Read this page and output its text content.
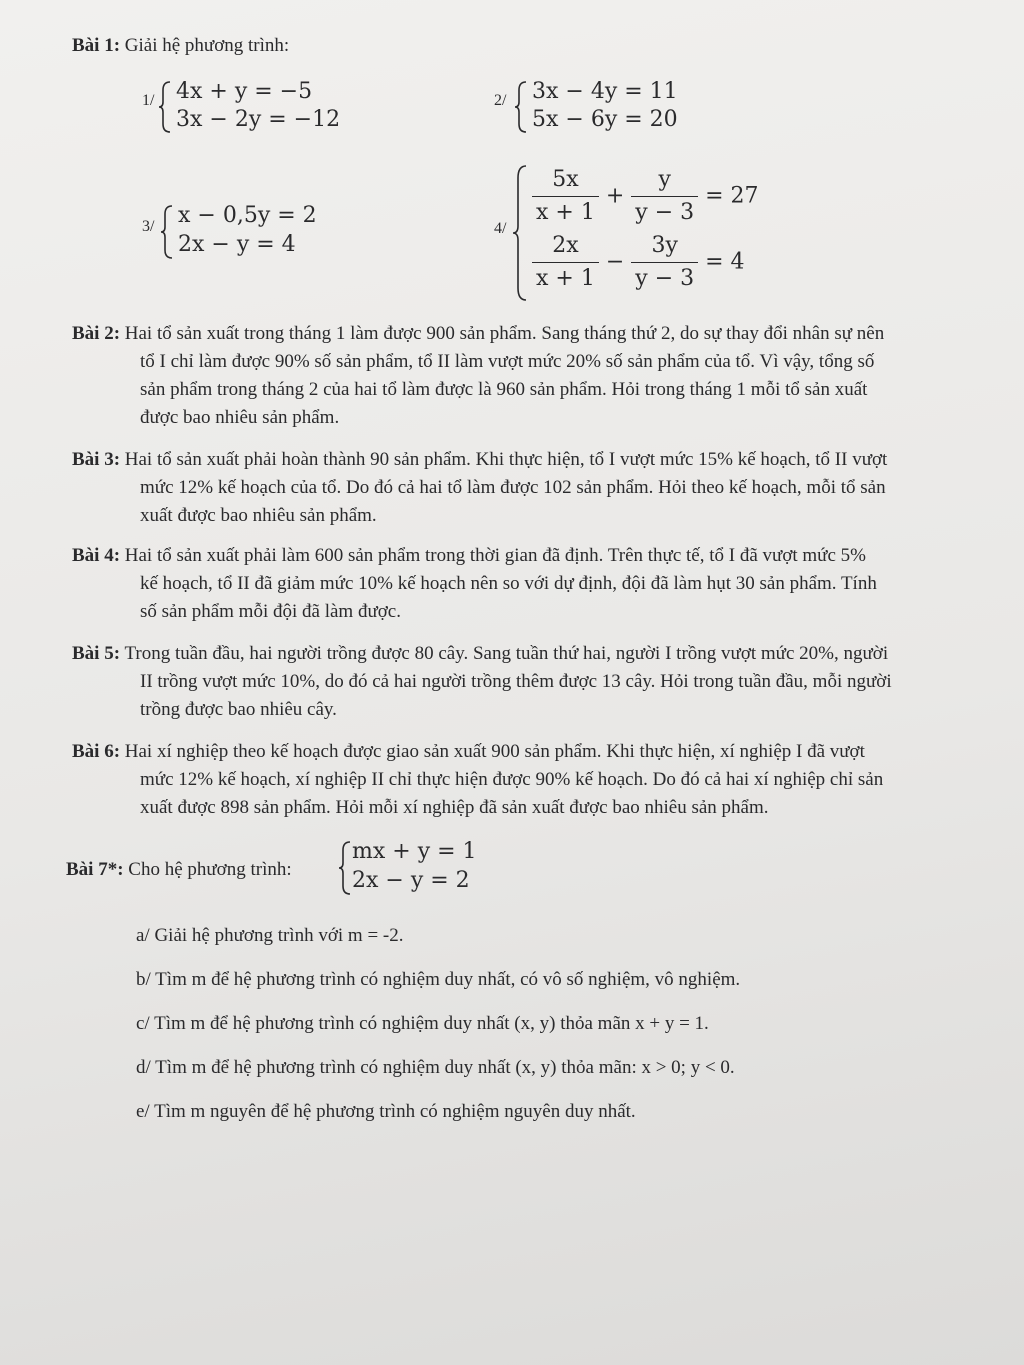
Bài 1: Giải hệ phương trình:
1/ 4x + y = −5
3x − 2y = −12
2/ 3x − 4y = 11
5x − 6y = 20
3/ x − 0,5y = 2
2x − y = 4
4/
$\frac{5x}{x + 1} + \frac{y}{y - 3} = 27$
$\frac{2x}{x + 1} - \frac{3y}{y - 3} = 4$
Bài 2: Hai tổ sản xuất trong tháng 1 làm được 900 sản phẩm. Sang tháng thứ 2, do sự thay đổi nhân sự nên
tổ I chỉ làm được 90% số sản phẩm, tổ II làm vượt mức 20% số sản phẩm của tổ. Vì vậy, tổng số
sản phẩm trong tháng 2 của hai tổ làm được là 960 sản phẩm. Hỏi trong tháng 1 mỗi tổ sản xuất
được bao nhiêu sản phẩm.
Bài 3: Hai tổ sản xuất phải hoàn thành 90 sản phẩm. Khi thực hiện, tổ I vượt mức 15% kế hoạch, tổ II vượt
mức 12% kế hoạch của tổ. Do đó cả hai tổ làm được 102 sản phẩm. Hỏi theo kế hoạch, mỗi tổ sản
xuất được bao nhiêu sản phẩm.
Bài 4: Hai tổ sản xuất phải làm 600 sản phẩm trong thời gian đã định. Trên thực tế, tổ I đã vượt mức 5%
kế hoạch, tổ II đã giảm mức 10% kế hoạch nên so với dự định, đội đã làm hụt 30 sản phẩm. Tính
số sản phẩm mỗi đội đã làm được.
Bài 5: Trong tuần đầu, hai người trồng được 80 cây. Sang tuần thứ hai, người I trồng vượt mức 20%, người
II trồng vượt mức 10%, do đó cả hai người trồng thêm được 13 cây. Hỏi trong tuần đầu, mỗi người
trồng được bao nhiêu cây.
Bài 6: Hai xí nghiệp theo kế hoạch được giao sản xuất 900 sản phẩm. Khi thực hiện, xí nghiệp I đã vượt
mức 12% kế hoạch, xí nghiệp II chỉ thực hiện được 90% kế hoạch. Do đó cả hai xí nghiệp chỉ sản
xuất được 898 sản phẩm. Hỏi mỗi xí nghiệp đã sản xuất được bao nhiêu sản phẩm.
Bài 7*: Cho hệ phương trình:
mx + y = 1
2x − y = 2
a/ Giải hệ phương trình với m = -2.
b/ Tìm m để hệ phương trình có nghiệm duy nhất, có vô số nghiệm, vô nghiệm.
c/ Tìm m để hệ phương trình có nghiệm duy nhất (x, y) thỏa mãn x + y = 1.
d/ Tìm m để hệ phương trình có nghiệm duy nhất (x, y) thỏa mãn: x > 0; y < 0.
e/ Tìm m nguyên để hệ phương trình có nghiệm nguyên duy nhất.
